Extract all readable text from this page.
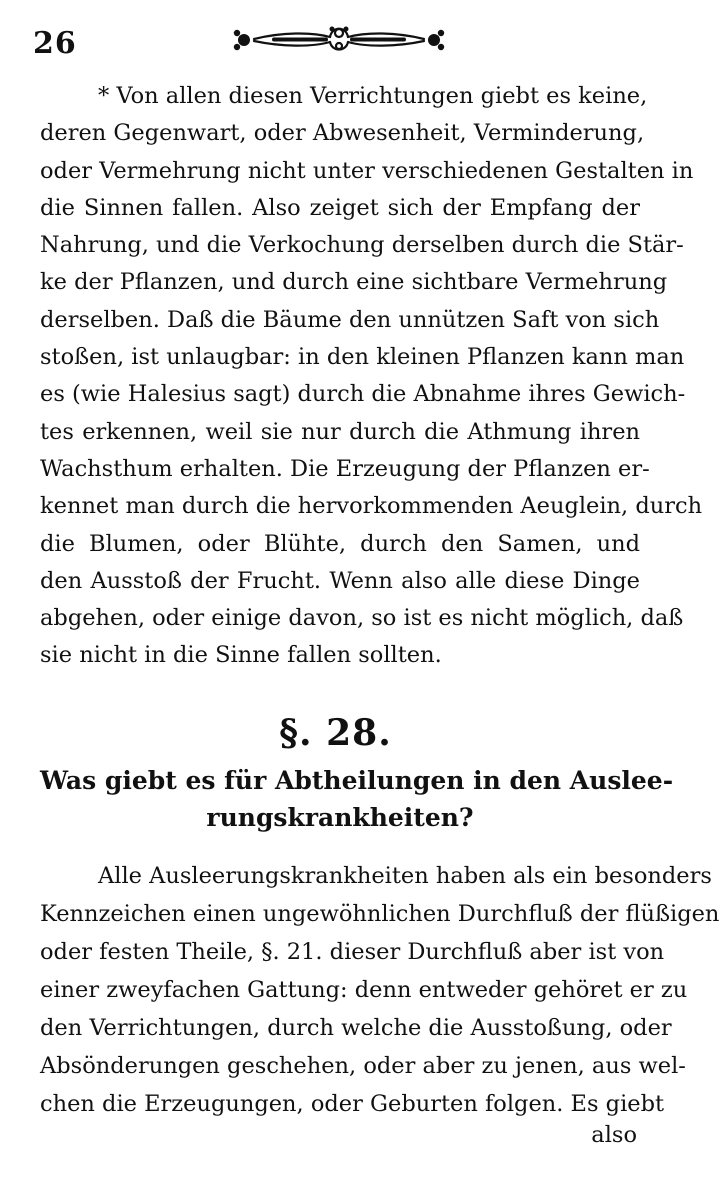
26
* Von allen diesen Verrichtungen giebt es keine,
deren Gegenwart, oder Abwesenheit, Verminderung,
oder Vermehrung nicht unter verschiedenen Gestalten in
die Sinnen fallen. Also zeiget sich der Empfang der
Nahrung, und die Verkochung derselben durch die Stär-
ke der Pflanzen, und durch eine sichtbare Vermehrung
derselben. Daß die Bäume den unnützen Saft von sich
stoßen, ist unlaugbar: in den kleinen Pflanzen kann man
es (wie Halesius sagt) durch die Abnahme ihres Gewich-
tes erkennen, weil sie nur durch die Athmung ihren
Wachsthum erhalten. Die Erzeugung der Pflanzen er-
kennet man durch die hervorkommenden Aeuglein, durch
die Blumen, oder Blühte, durch den Samen, und
den Ausstoß der Frucht. Wenn also alle diese Dinge
abgehen, oder einige davon, so ist es nicht möglich, daß
sie nicht in die Sinne fallen sollten.
§. 28.
Was giebt es für Abtheilungen in den Auslee-
rungskrankheiten?
Alle Ausleerungskrankheiten haben als ein besonders
Kennzeichen einen ungewöhnlichen Durchfluß der flüßigen
oder festen Theile, §. 21. dieser Durchfluß aber ist von
einer zweyfachen Gattung: denn entweder gehöret er zu
den Verrichtungen, durch welche die Ausstoßung, oder
Absönderungen geschehen, oder aber zu jenen, aus wel-
chen die Erzeugungen, oder Geburten folgen. Es giebt
also
